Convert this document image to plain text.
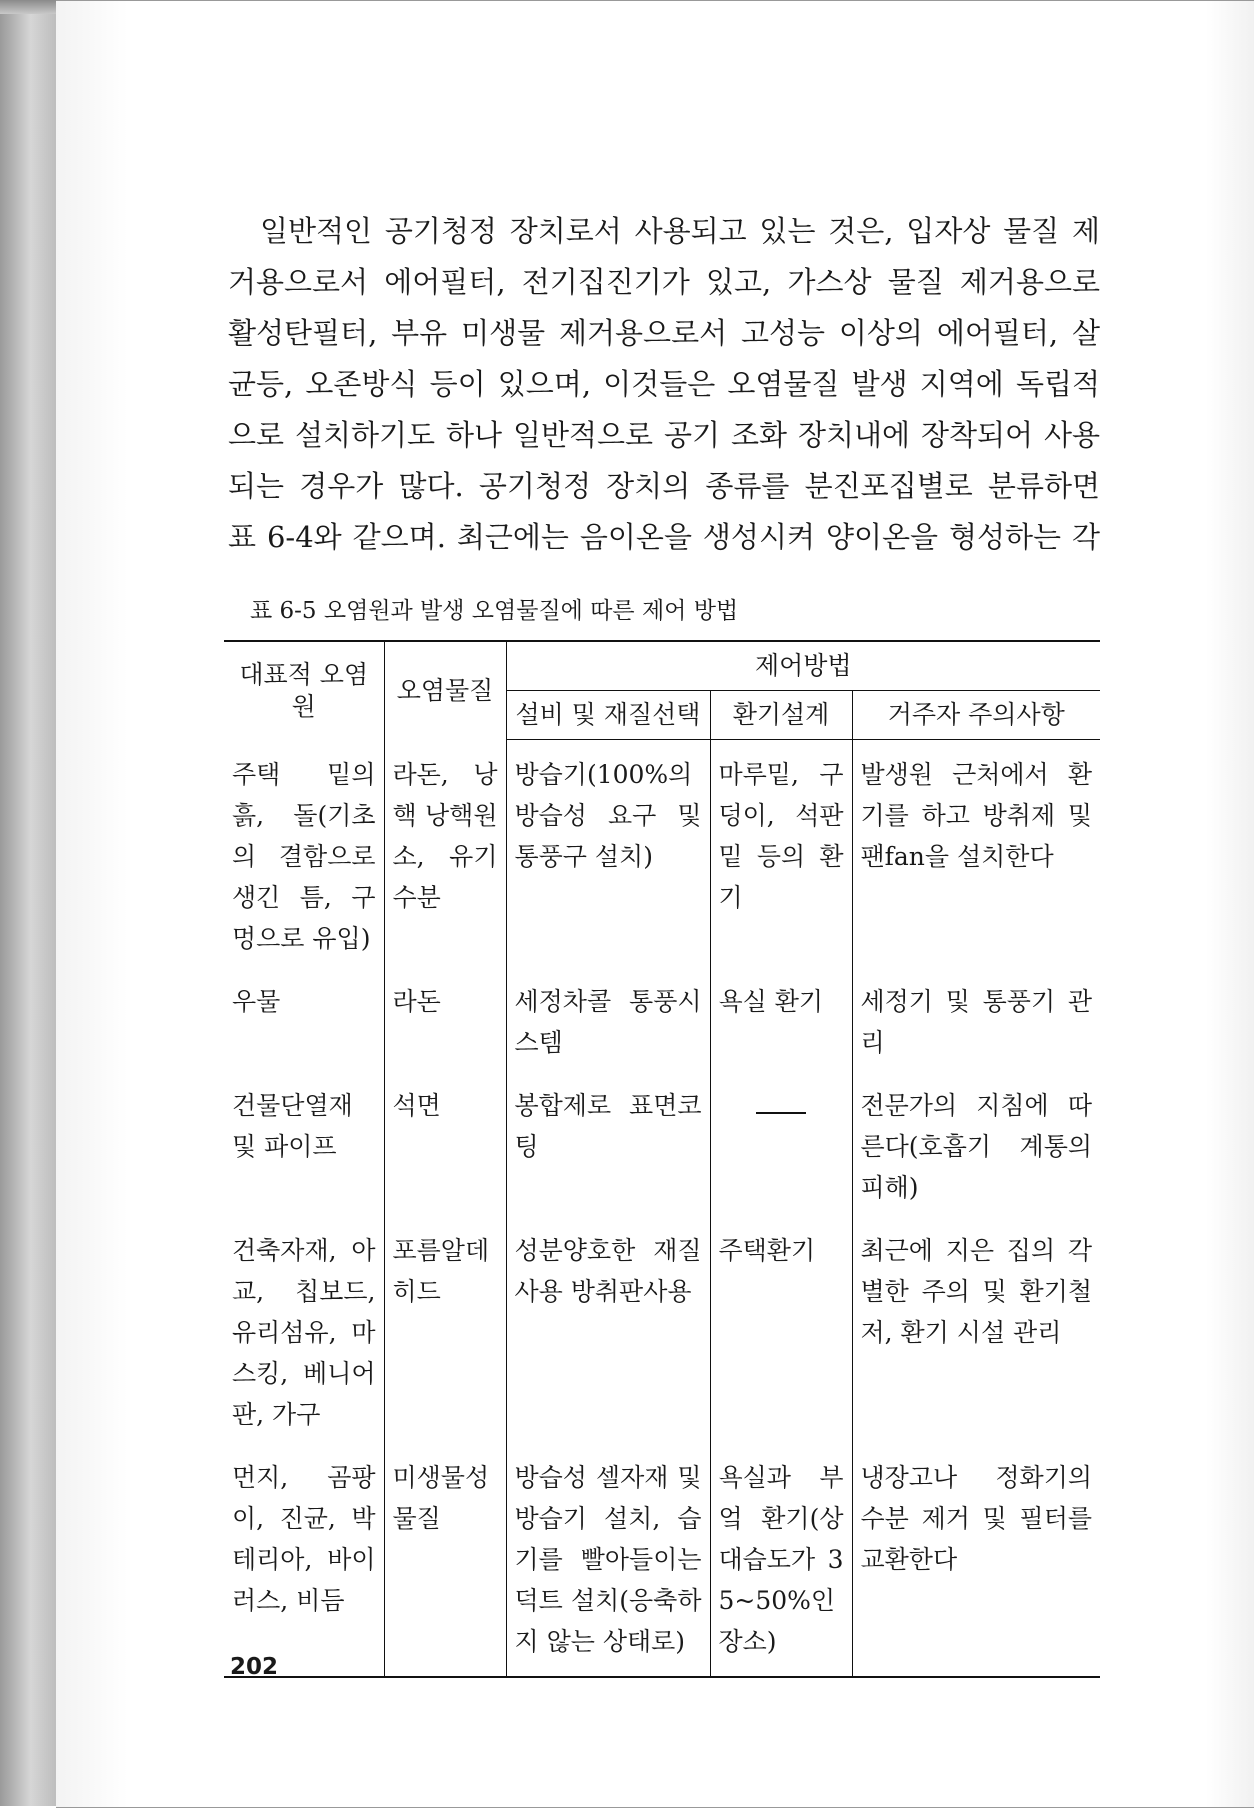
일반적인 공기청정 장치로서 사용되고 있는 것은, 입자상 물질 제
거용으로서 에어필터, 전기집진기가 있고, 가스상 물질 제거용으로
활성탄필터, 부유 미생물 제거용으로서 고성능 이상의 에어필터, 살
균등, 오존방식 등이 있으며, 이것들은 오염물질 발생 지역에 독립적
으로 설치하기도 하나 일반적으로 공기 조화 장치내에 장착되어 사용
되는 경우가 많다. 공기청정 장치의 종류를 분진포집별로 분류하면
표 6-4와 같으며. 최근에는 음이온을 생성시켜 양이온을 형성하는 각

표 6-5 오염원과 발생 오염물질에 따른 제어 방법
대표적 오염원	오염물질	제어방법		
		설비 및 재질선택	환기설계	거주자 주의사항
주택 밑의 흙, 돌(기초의 결함으로 생긴 틈, 구멍으로 유입)	라돈, 낭핵 낭핵원소, 유기수분	방습기(100%의 방습성 요구 및 통풍구 설치)	마루밑, 구덩이, 석판 밑 등의 환기	발생원 근처에서 환기를 하고 방취제 및 팬fan을 설치한다
우물	라돈	세정차콜 통풍시스템	욕실 환기	세정기 및 통풍기 관리
건물단열재 및 파이프	석면	봉합제로 표면코팅		전문가의 지침에 따른다(호흡기 계통의 피해)
건축자재, 아교, 칩보드, 유리섬유, 마스킹, 베니어판, 가구	포름알데히드	성분양호한 재질사용 방취판사용	주택환기	최근에 지은 집의 각별한 주의 및 환기철저, 환기 시설 관리
먼지, 곰팡이, 진균, 박테리아, 바이러스, 비듬	미생물성물질	방습성 셀자재 및 방습기 설치, 습기를 빨아들이는 덕트 설치(응축하지 않는 상태로)	욕실과 부엌 환기(상대습도가 35~50%인 장소)	냉장고나 정화기의 수분 제거 및 필터를 교환한다
202
